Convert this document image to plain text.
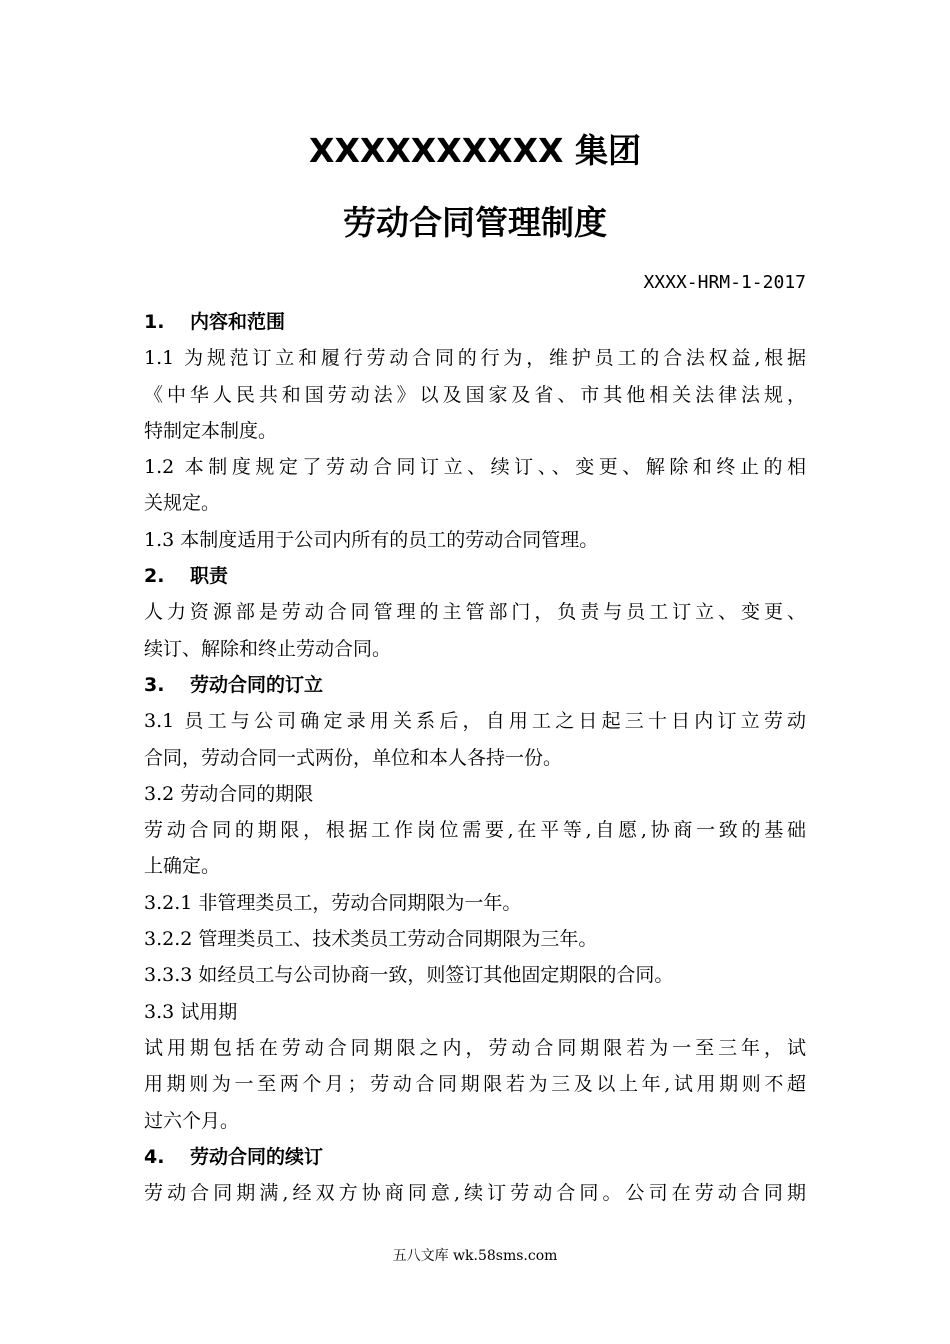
XXXXXXXXXX 集团
劳动合同管理制度
XXXX-HRM-1-2017
1. 内容和范围
1.1 为规范订立和履行劳动合同的行为，维护员工的合法权益,根据
《中华人民共和国劳动法》以及国家及省、市其他相关法律法规，
特制定本制度。
1.2 本制度规定了劳动合同订立、续订、、变更、解除和终止的相
关规定。
1.3 本制度适用于公司内所有的员工的劳动合同管理。
2. 职责
人力资源部是劳动合同管理的主管部门，负责与员工订立、变更、
续订、解除和终止劳动合同。
3. 劳动合同的订立
3.1 员工与公司确定录用关系后，自用工之日起三十日内订立劳动
合同，劳动合同一式两份，单位和本人各持一份。
3.2 劳动合同的期限
劳动合同的期限，根据工作岗位需要,在平等,自愿,协商一致的基础
上确定。
3.2.1 非管理类员工，劳动合同期限为一年。
3.2.2 管理类员工、技术类员工劳动合同期限为三年。
3.3.3 如经员工与公司协商一致，则签订其他固定期限的合同。
3.3 试用期
试用期包括在劳动合同期限之内，劳动合同期限若为一至三年，试
用期则为一至两个月；劳动合同期限若为三及以上年,试用期则不超
过六个月。
4. 劳动合同的续订
劳动合同期满,经双方协商同意,续订劳动合同。公司在劳动合同期
五八文库 wk.58sms.com
